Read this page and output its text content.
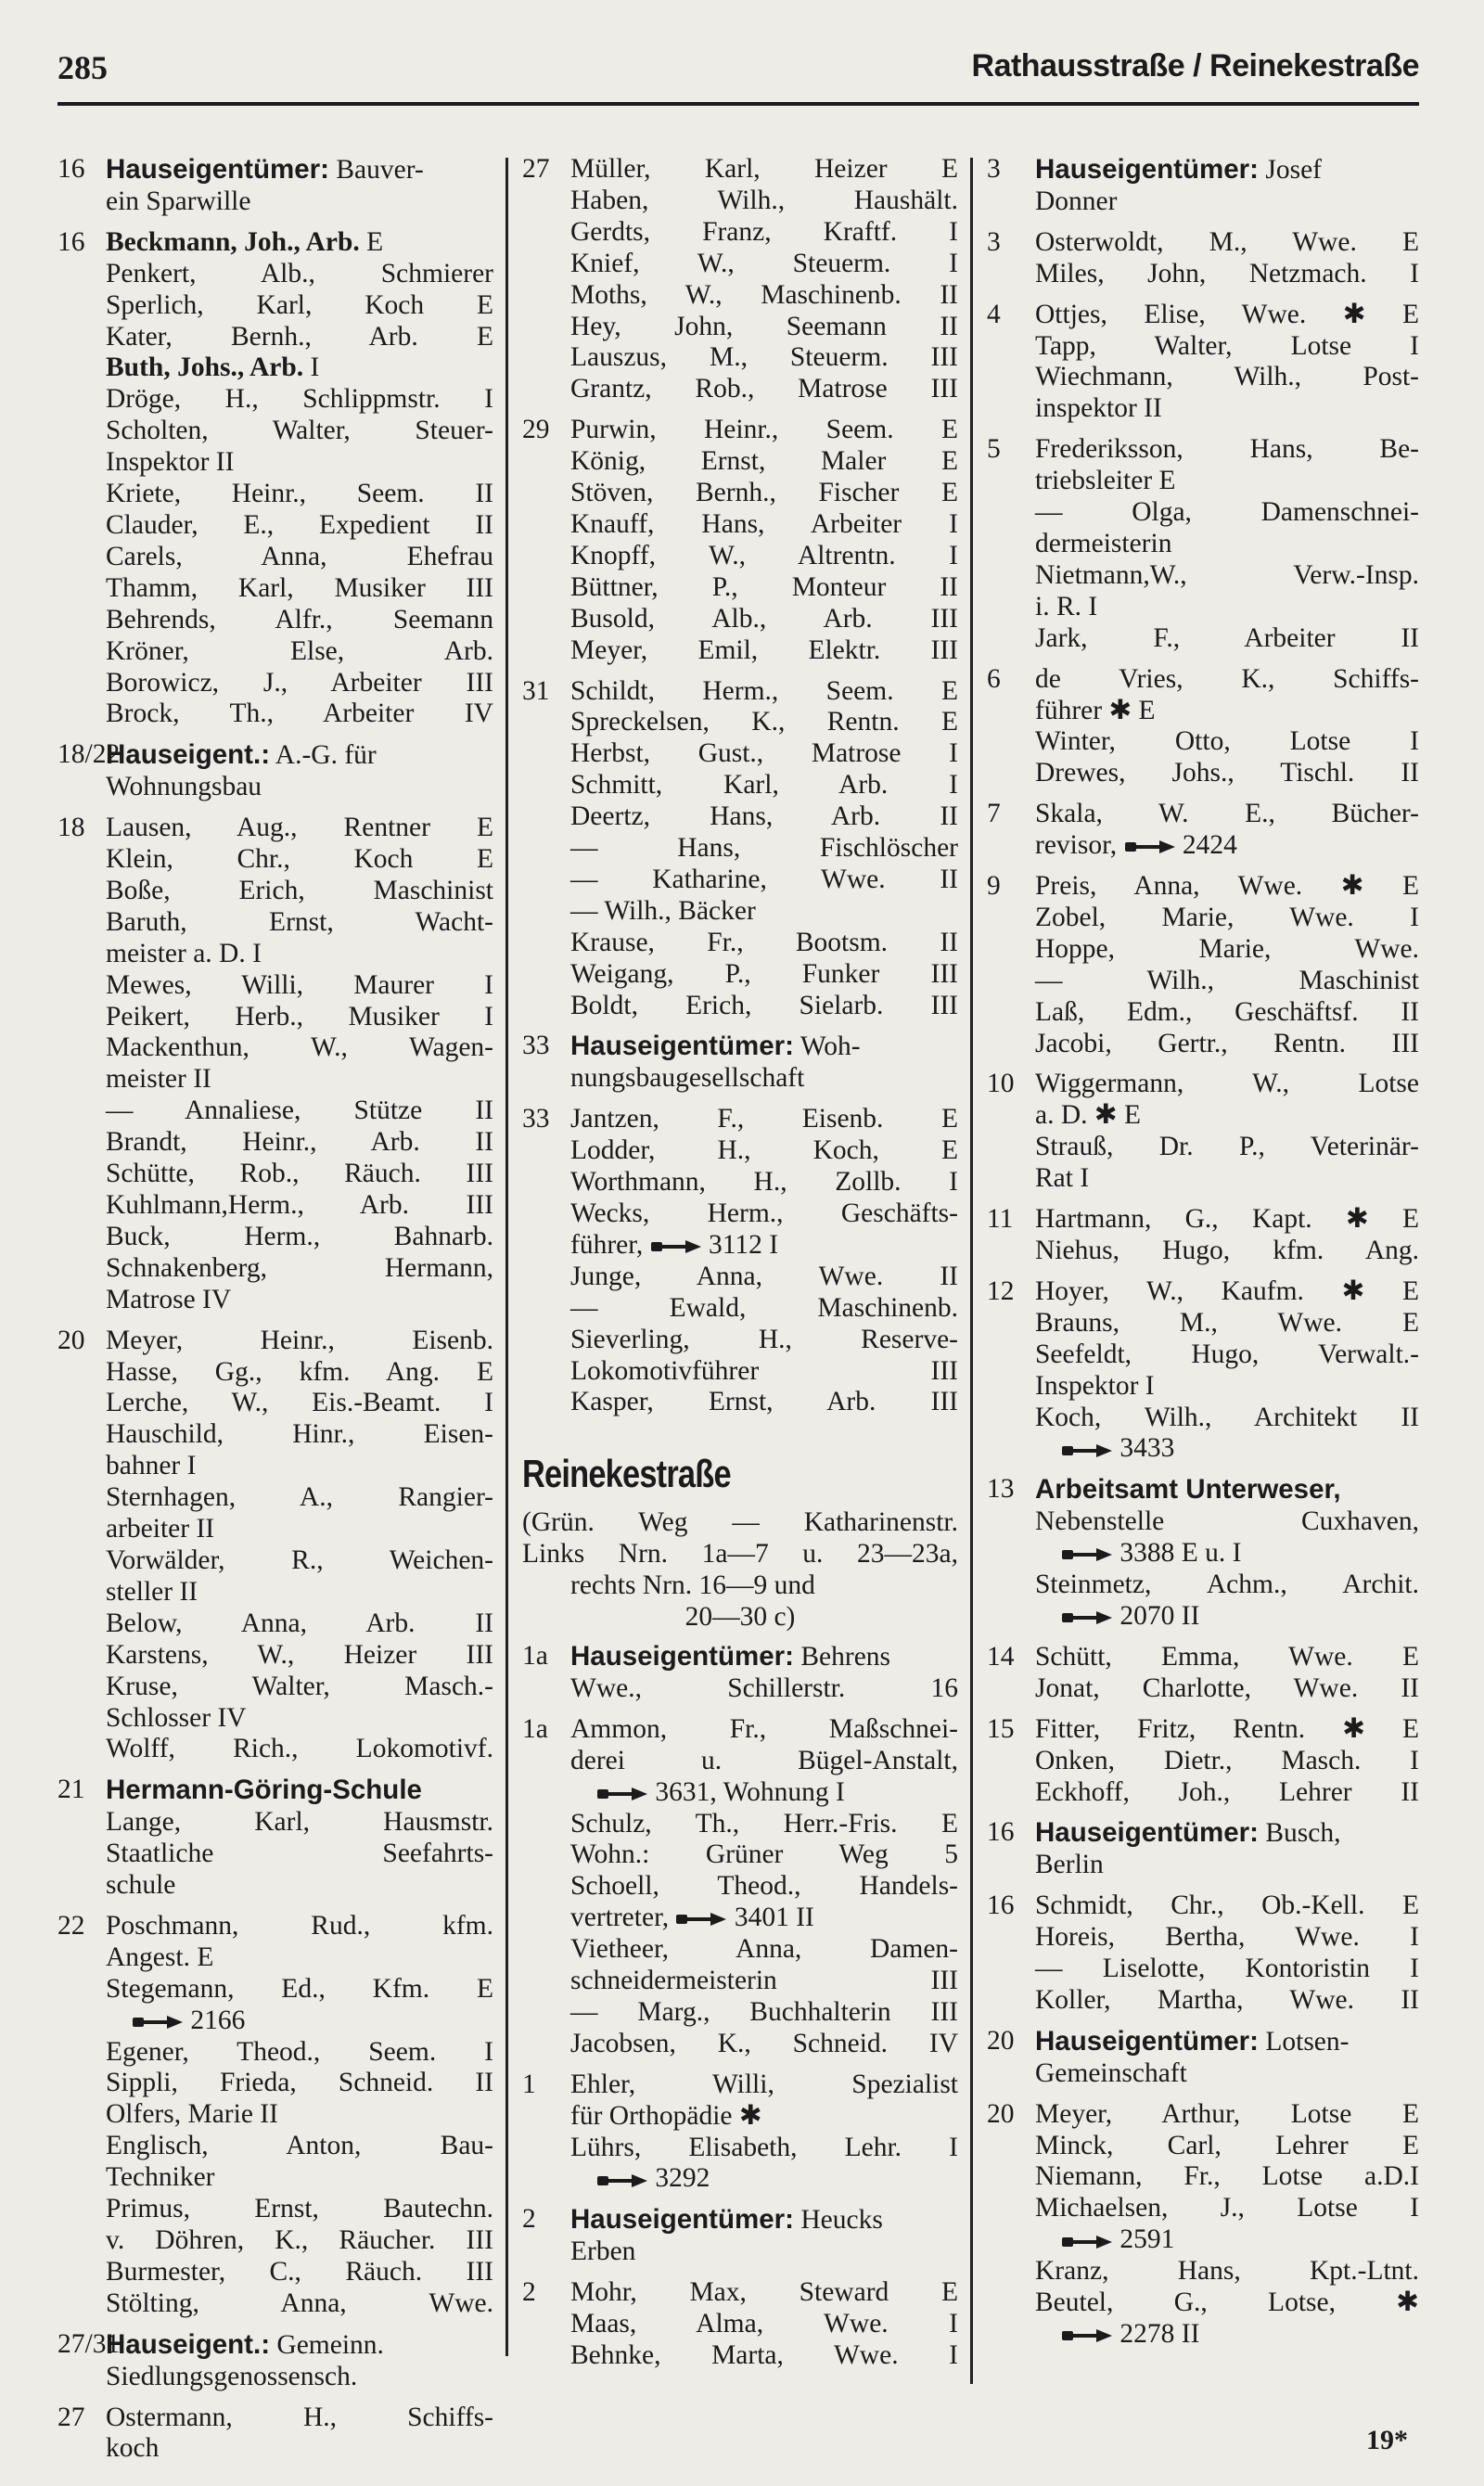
285	Rathausstraße / Reinekestraße
16 Hauseigentümer: Bauver-
ein Sparwille
16 Beckmann, Joh., Arb. E
Penkert, Alb., Schmierer
Sperlich, Karl, Koch E
Kater, Bernh., Arb. E
Buth, Johs., Arb. I
Dröge, H., Schlippmstr. I
Scholten, Walter, Steuer-
Inspektor II
Kriete, Heinr., Seem. II
Clauder, E., Expedient II
Carels, Anna, Ehefrau
Thamm, Karl, Musiker III
Behrends, Alfr., Seemann
Kröner, Else, Arb.
Borowicz, J., Arbeiter III
Brock, Th., Arbeiter IV
18/22
Hauseigent.: A.-G. für
Wohnungsbau
18 Lausen, Aug., Rentner E
Klein, Chr., Koch E
Boße, Erich, Maschinist
Baruth, Ernst, Wacht-
meister a. D. I
Mewes, Willi, Maurer I
Peikert, Herb., Musiker I
Mackenthun, W., Wagen-
meister II
— Annaliese, Stütze II
Brandt, Heinr., Arb. II
Schütte, Rob., Räuch. III
Kuhlmann,Herm., Arb. III
Buck, Herm., Bahnarb.
Schnakenberg, Hermann,
Matrose IV
20 Meyer, Heinr., Eisenb.
Hasse, Gg., kfm. Ang. E
Lerche, W., Eis.-Beamt. I
Hauschild, Hinr., Eisen-
bahner I
Sternhagen, A., Rangier-
arbeiter II
Vorwälder, R., Weichen-
steller II
Below, Anna, Arb. II
Karstens, W., Heizer III
Kruse, Walter, Masch.-
Schlosser IV
Wolff, Rich., Lokomotivf.
21 Hermann-Göring-Schule
Lange, Karl, Hausmstr.
Staatliche Seefahrts-
schule
22 Poschmann, Rud., kfm.
Angest. E
Stegemann, Ed., Kfm. E
2166
Egener, Theod., Seem. I
Sippli, Frieda, Schneid. II
Olfers, Marie II
Englisch, Anton, Bau-
Techniker
Primus, Ernst, Bautechn.
v. Döhren, K., Räucher. III
Burmester, C., Räuch. III
Stölting, Anna, Wwe.
27/31
Hauseigent.: Gemeinn.
Siedlungsgenossensch.
27 Ostermann, H., Schiffs-
koch
27 Müller, Karl, Heizer E
Haben, Wilh., Haushält.
Gerdts, Franz, Kraftf. I
Knief, W., Steuerm. I
Moths, W., Maschinenb. II
Hey, John, Seemann II
Lauszus, M., Steuerm. III
Grantz, Rob., Matrose III
29 Purwin, Heinr., Seem. E
König, Ernst, Maler E
Stöven, Bernh., Fischer E
Knauff, Hans, Arbeiter I
Knopff, W., Altrentn. I
Büttner, P., Monteur II
Busold, Alb., Arb. III
Meyer, Emil, Elektr. III
31 Schildt, Herm., Seem. E
Spreckelsen, K., Rentn. E
Herbst, Gust., Matrose I
Schmitt, Karl, Arb. I
Deertz, Hans, Arb. II
— Hans, Fischlöscher
— Katharine, Wwe. II
— Wilh., Bäcker
Krause, Fr., Bootsm. II
Weigang, P., Funker III
Boldt, Erich, Sielarb. III
33 Hauseigentümer: Woh-
nungsbaugesellschaft
33 Jantzen, F., Eisenb. E
Lodder, H., Koch, E
Worthmann, H., Zollb. I
Wecks, Herm., Geschäfts-
führer,  3112 I
Junge, Anna, Wwe. II
— Ewald, Maschinenb.
Sieverling, H., Reserve-
Lokomotivführer III
Kasper, Ernst, Arb. III
Reinekestraße
(Grün. Weg — Katharinenstr.
Links Nrn. 1a—7 u. 23—23a,
rechts Nrn. 16—9 und
20—30 c)
1a Hauseigentümer: Behrens
Wwe., Schillerstr. 16
1a Ammon, Fr., Maßschnei-
derei u. Bügel-Anstalt,
3631, Wohnung I
Schulz, Th., Herr.-Fris. E
Wohn.: Grüner Weg 5
Schoell, Theod., Handels-
vertreter,  3401 II
Vietheer, Anna, Damen-
schneidermeisterin III
— Marg., Buchhalterin III
Jacobsen, K., Schneid. IV
1 Ehler, Willi, Spezialist
für Orthopädie ✱
Lührs, Elisabeth, Lehr. I
3292
2 Hauseigentümer: Heucks
Erben
2 Mohr, Max, Steward E
Maas, Alma, Wwe. I
Behnke, Marta, Wwe. I
3 Hauseigentümer: Josef
Donner
3 Osterwoldt, M., Wwe. E
Miles, John, Netzmach. I
4 Ottjes, Elise, Wwe. ✱ E
Tapp, Walter, Lotse I
Wiechmann, Wilh., Post-
inspektor II
5 Frederiksson, Hans, Be-
triebsleiter E
— Olga, Damenschnei-
dermeisterin
Nietmann,W., Verw.-Insp.
i. R. I
Jark, F., Arbeiter II
6 de Vries, K., Schiffs-
führer ✱ E
Winter, Otto, Lotse I
Drewes, Johs., Tischl. II
7 Skala, W. E., Bücher-
revisor,  2424
9 Preis, Anna, Wwe. ✱ E
Zobel, Marie, Wwe. I
Hoppe, Marie, Wwe.
— Wilh., Maschinist
Laß, Edm., Geschäftsf. II
Jacobi, Gertr., Rentn. III
10 Wiggermann, W., Lotse
a. D. ✱ E
Strauß, Dr. P., Veterinär-
Rat I
11 Hartmann, G., Kapt. ✱ E
Niehus, Hugo, kfm. Ang.
12 Hoyer, W., Kaufm. ✱ E
Brauns, M., Wwe. E
Seefeldt, Hugo, Verwalt.-
Inspektor I
Koch, Wilh., Architekt II
3433
13 Arbeitsamt Unterweser,
Nebenstelle Cuxhaven,
3388 E u. I
Steinmetz, Achm., Archit.
2070 II
14 Schütt, Emma, Wwe. E
Jonat, Charlotte, Wwe. II
15 Fitter, Fritz, Rentn. ✱ E
Onken, Dietr., Masch. I
Eckhoff, Joh., Lehrer II
16 Hauseigentümer: Busch,
Berlin
16 Schmidt, Chr., Ob.-Kell. E
Horeis, Bertha, Wwe. I
— Liselotte, Kontoristin I
Koller, Martha, Wwe. II
20 Hauseigentümer: Lotsen-
Gemeinschaft
20 Meyer, Arthur, Lotse E
Minck, Carl, Lehrer E
Niemann, Fr., Lotse a.D.I
Michaelsen, J., Lotse I
2591
Kranz, Hans, Kpt.-Ltnt.
Beutel, G., Lotse, ✱
2278 II
19*
